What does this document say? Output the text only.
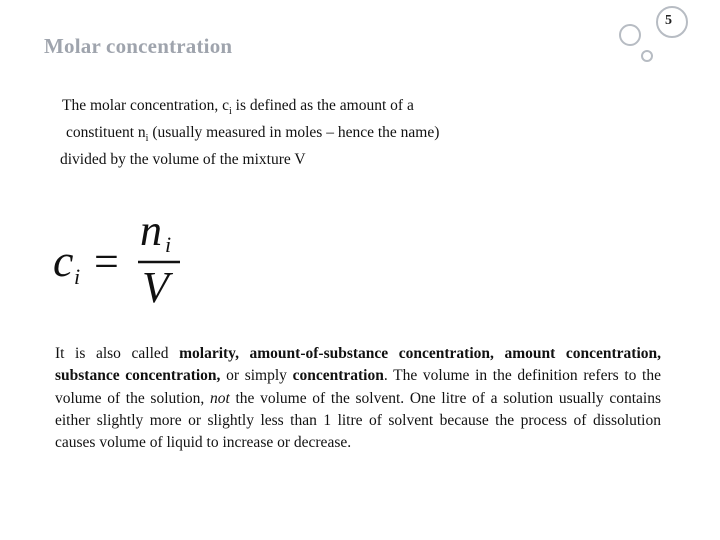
Molar concentration
5
The molar concentration, $c_i$ is defined as the amount of a
constituent $n_i$ (usually measured in moles – hence the name)
divided by the volume of the mixture V
c i =
n i
V
It is also called molarity, amount-of-substance concentration, amount concentration, substance concentration, or simply concentration. The volume in the definition refers to the volume of the solution, not the volume of the solvent. One litre of a solution usually contains either slightly more or slightly less than 1 litre of solvent because the process of dissolution causes volume of liquid to increase or decrease.
